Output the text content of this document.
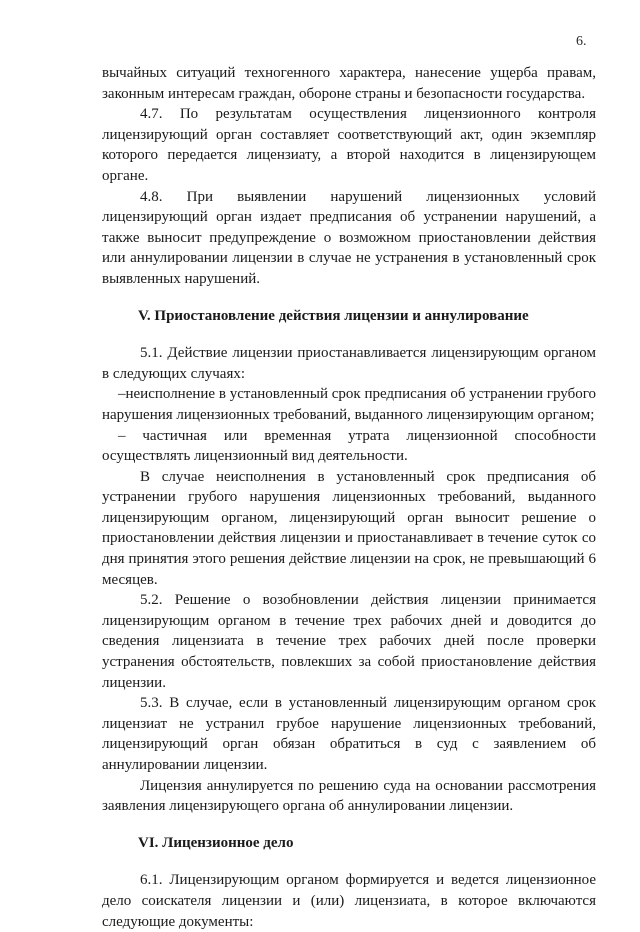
6.

вычайных ситуаций техногенного характера, нанесение ущерба правам, законным интересам граждан, обороне страны и безопасности государства.

4.7. По результатам осуществления лицензионного контроля лицензирующий орган составляет соответствующий акт, один экземпляр которого передается лицензиату, а второй находится в лицензирующем органе.

4.8. При выявлении нарушений лицензионных условий лицензирующий орган издает предписания об устранении нарушений, а также выносит предупреждение о возможном приостановлении действия или аннулировании лицензии в случае не устранения в установленный срок выявленных нарушений.

V. Приостановление действия лицензии и аннулирование

5.1. Действие лицензии приостанавливается лицензирующим органом в следующих случаях:

–неисполнение в установленный срок предписания об устранении грубого нарушения лицензионных требований, выданного лицензирующим органом;

– частичная или временная утрата лицензионной способности осуществлять лицензионный вид деятельности.

В случае неисполнения в установленный срок предписания об устранении грубого нарушения лицензионных требований, выданного лицензирующим органом, лицензирующий орган выносит решение о приостановлении действия лицензии и приостанавливает в течение суток со дня принятия этого решения действие лицензии на срок, не превышающий 6 месяцев.

5.2. Решение о возобновлении действия лицензии принимается лицензирующим органом в течение трех рабочих дней и доводится до сведения лицензиата в течение трех рабочих дней после проверки устранения обстоятельств, повлекших за собой приостановление действия лицензии.

5.3. В случае, если в установленный лицензирующим органом срок лицензиат не устранил грубое нарушение лицензионных требований, лицензирующий орган обязан обратиться в суд с заявлением об аннулировании лицензии.

Лицензия аннулируется по решению суда на основании рассмотрения заявления лицензирующего органа об аннулировании лицензии.

VI. Лицензионное дело

6.1. Лицензирующим органом формируется и ведется лицензионное дело соискателя лицензии и (или) лицензиата, в которое включаются следующие документы:
